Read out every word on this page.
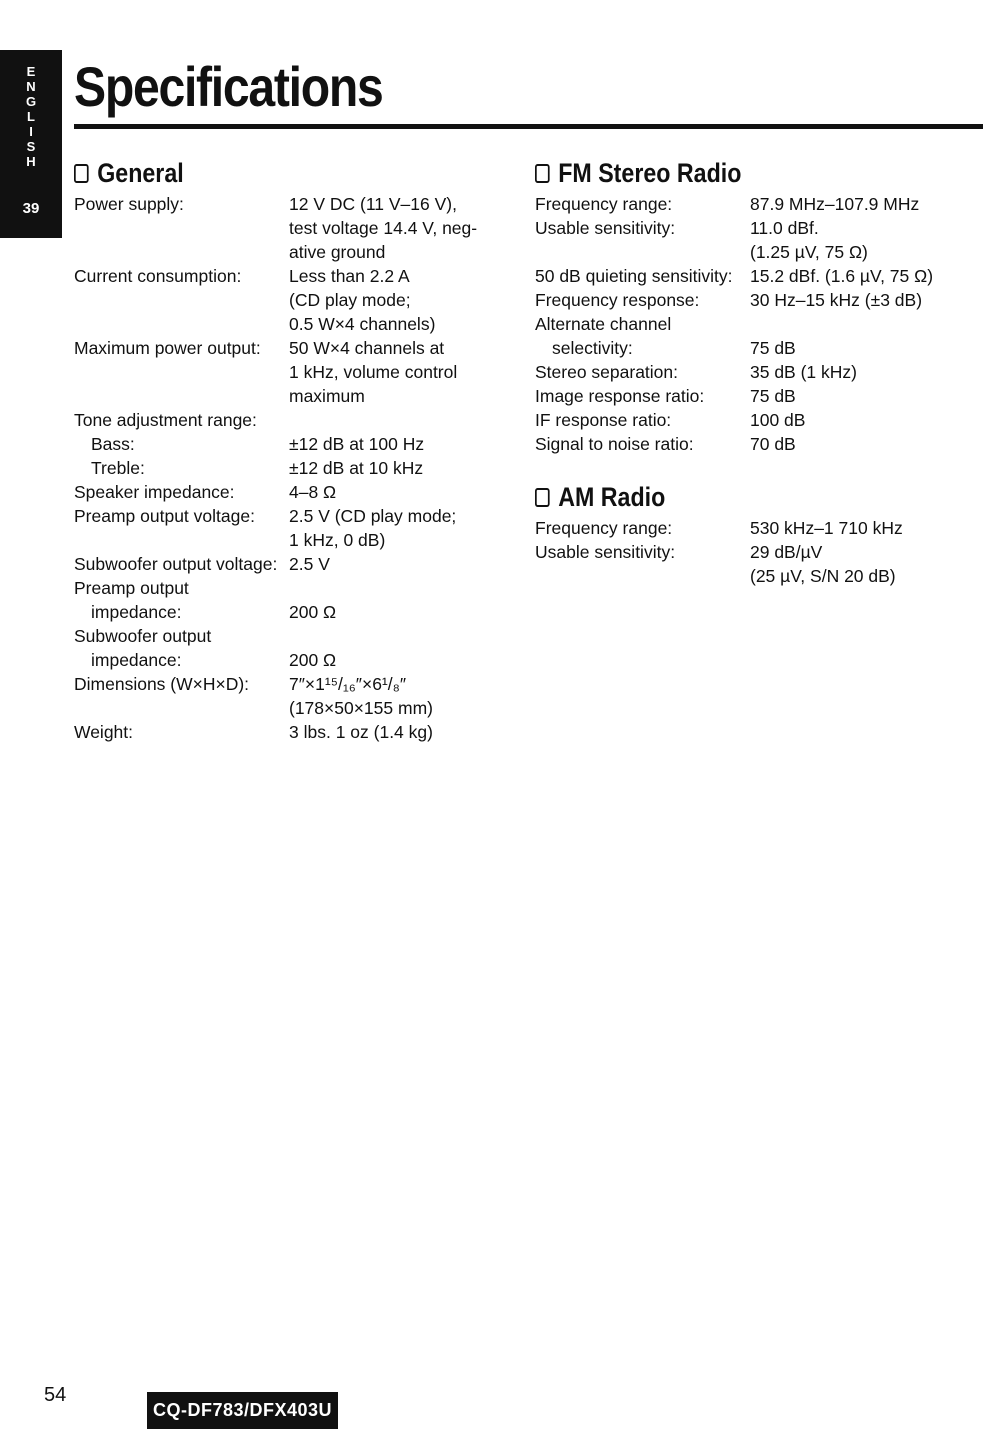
E
N
G
L
I
S
H
39
Specifications
General
Power supply:	12 V DC (11 V–16 V),
test voltage 14.4 V, neg-
ative ground
Current consumption:	Less than 2.2 A
(CD play mode;
0.5 W×4 channels)
Maximum power output: 50 W×4 channels at
1 kHz, volume control
maximum
Tone adjustment range:

Bass:	±12 dB at 100 Hz
Treble:	±12 dB at 10 kHz
Speaker impedance:	4–8 Ω
Preamp output voltage: 2.5 V (CD play mode;
1 kHz, 0 dB)
Subwoofer output voltage: 2.5 V
Preamp output

impedance:	200 Ω
Subwoofer output

impedance:	200 Ω
Dimensions (W×H×D): 7″×1¹⁵/₁₆″×6¹/₈″
(178×50×155 mm)
Weight:	3 lbs. 1 oz (1.4 kg)
FM Stereo Radio
Frequency range:	87.9 MHz–107.9 MHz
Usable sensitivity:	11.0 dBf.
(1.25 µV, 75 Ω)
50 dB quieting sensitivity: 15.2 dBf. (1.6 µV, 75 Ω)
Frequency response:	30 Hz–15 kHz (±3 dB)
Alternate channel

selectivity:	75 dB
Stereo separation:	35 dB (1 kHz)
Image response ratio:	75 dB
IF response ratio:	100 dB
Signal to noise ratio:	70 dB
AM Radio
Frequency range:	530 kHz–1 710 kHz
Usable sensitivity:	29 dB/µV
(25 µV, S/N 20 dB)
54
CQ-DF783/DFX403U
